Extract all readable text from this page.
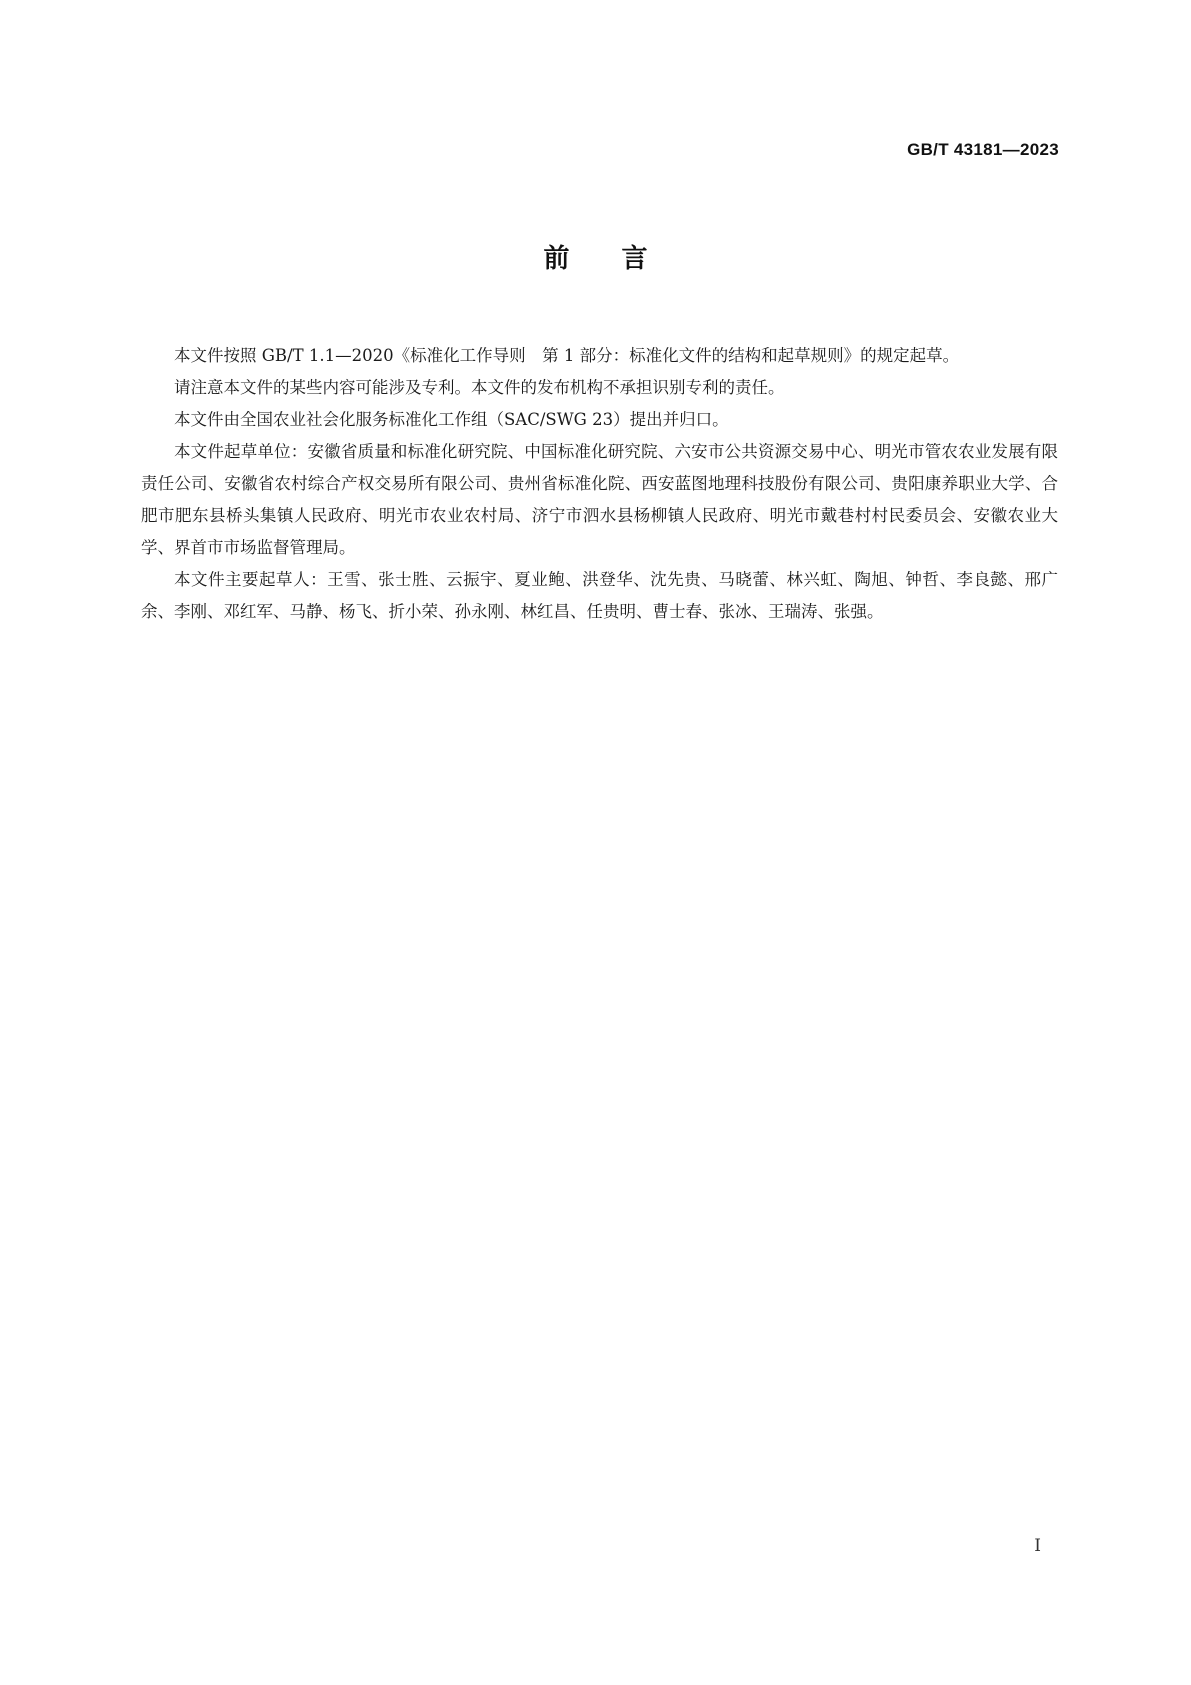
GB/T 43181—2023
前言

本文件按照 GB/T 1.1—2020《标准化工作导则　第 1 部分：标准化文件的结构和起草规则》的规定起草。

请注意本文件的某些内容可能涉及专利。本文件的发布机构不承担识别专利的责任。

本文件由全国农业社会化服务标准化工作组（SAC/SWG 23）提出并归口。

本文件起草单位：安徽省质量和标准化研究院、中国标准化研究院、六安市公共资源交易中心、明光市管农农业发展有限责任公司、安徽省农村综合产权交易所有限公司、贵州省标准化院、西安蓝图地理科技股份有限公司、贵阳康养职业大学、合肥市肥东县桥头集镇人民政府、明光市农业农村局、济宁市泗水县杨柳镇人民政府、明光市戴巷村村民委员会、安徽农业大学、界首市市场监督管理局。

本文件主要起草人：王雪、张士胜、云振宇、夏业鲍、洪登华、沈先贵、马晓蕾、林兴虹、陶旭、钟哲、李良懿、邢广余、李刚、邓红军、马静、杨飞、折小荣、孙永刚、林红昌、任贵明、曹士春、张冰、王瑞涛、张强。

Ⅰ
